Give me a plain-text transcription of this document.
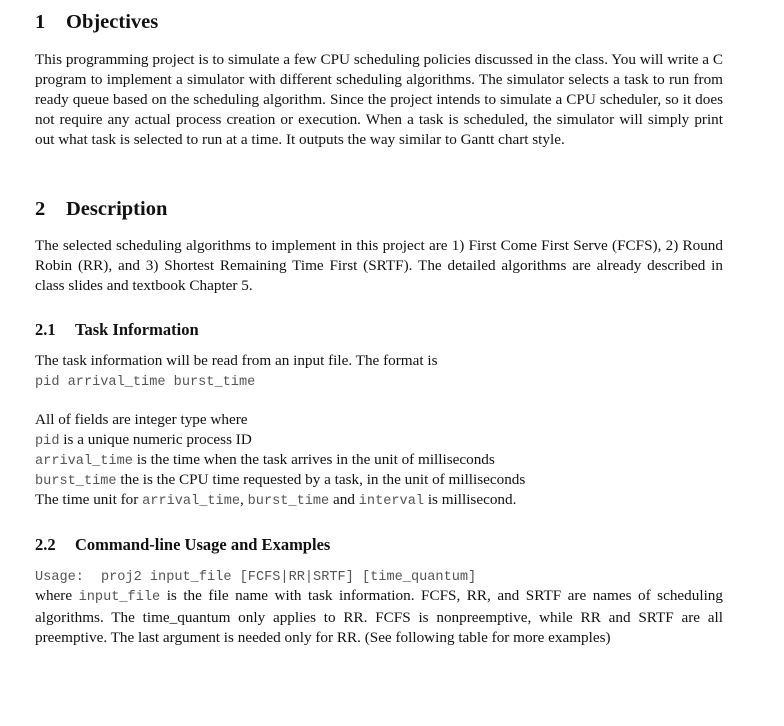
1 Objectives

This programming project is to simulate a few CPU scheduling policies discussed in the class. You will write a C program to implement a simulator with different scheduling algorithms. The simulator selects a task to run from ready queue based on the scheduling algorithm. Since the project intends to simulate a CPU scheduler, so it does not require any actual process creation or execution. When a task is scheduled, the simulator will simply print out what task is selected to run at a time. It outputs the way similar to Gantt chart style.

2 Description

The selected scheduling algorithms to implement in this project are 1) First Come First Serve (FCFS), 2) Round Robin (RR), and 3) Shortest Remaining Time First (SRTF). The detailed algorithms are already described in class slides and textbook Chapter 5.

2.1 Task Information
The task information will be read from an input file. The format is
pid arrival_time burst_time
All of fields are integer type where
pid is a unique numeric process ID
arrival_time is the time when the task arrives in the unit of milliseconds
burst_time the is the CPU time requested by a task, in the unit of milliseconds
The time unit for arrival_time, burst_time and interval is millisecond.
2.2 Command-line Usage and Examples
Usage: proj2 input_file [FCFS|RR|SRTF] [time_quantum]

where input_file is the file name with task information. FCFS, RR, and SRTF are names of scheduling algorithms. The time_quantum only applies to RR. FCFS is nonpreemptive, while RR and SRTF are all preemptive. The last argument is needed only for RR. (See following table for more examples)
